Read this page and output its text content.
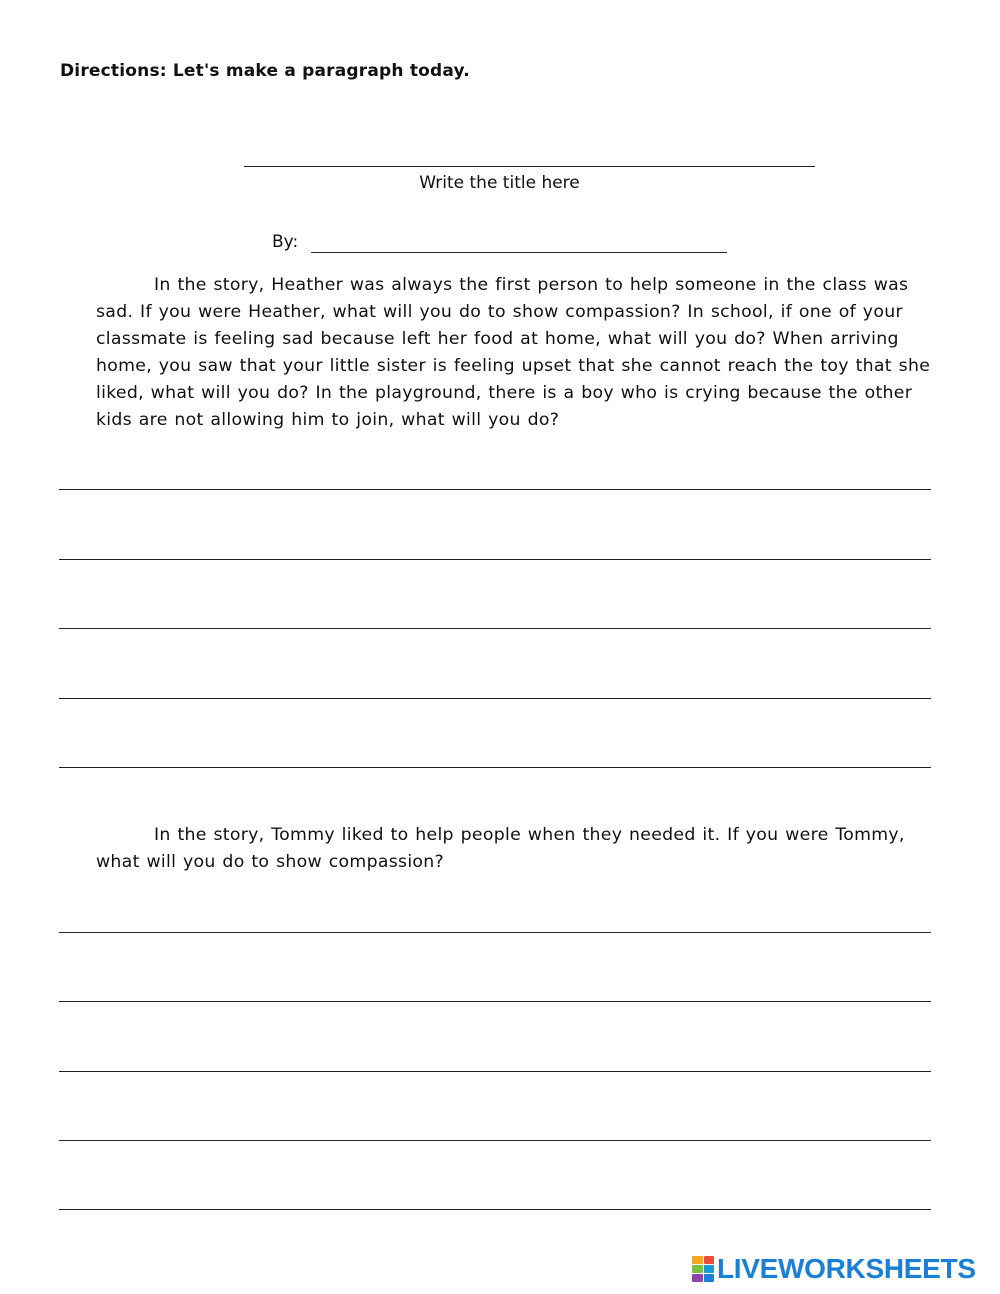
Directions: Let's make a paragraph today.
Write the title here
By:
In the story, Heather was always the first person to help someone in the class was sad. If you were Heather, what will you do to show compassion? In school, if one of your classmate is feeling sad because left her food at home, what will you do? When arriving home, you saw that your little sister is feeling upset that she cannot reach the toy that she liked, what will you do? In the playground, there is a boy who is crying because the other kids are not allowing him to join, what will you do?
In the story, Tommy liked to help people when they needed it. If you were Tommy, what will you do to show compassion?
LIVEWORKSHEETS
